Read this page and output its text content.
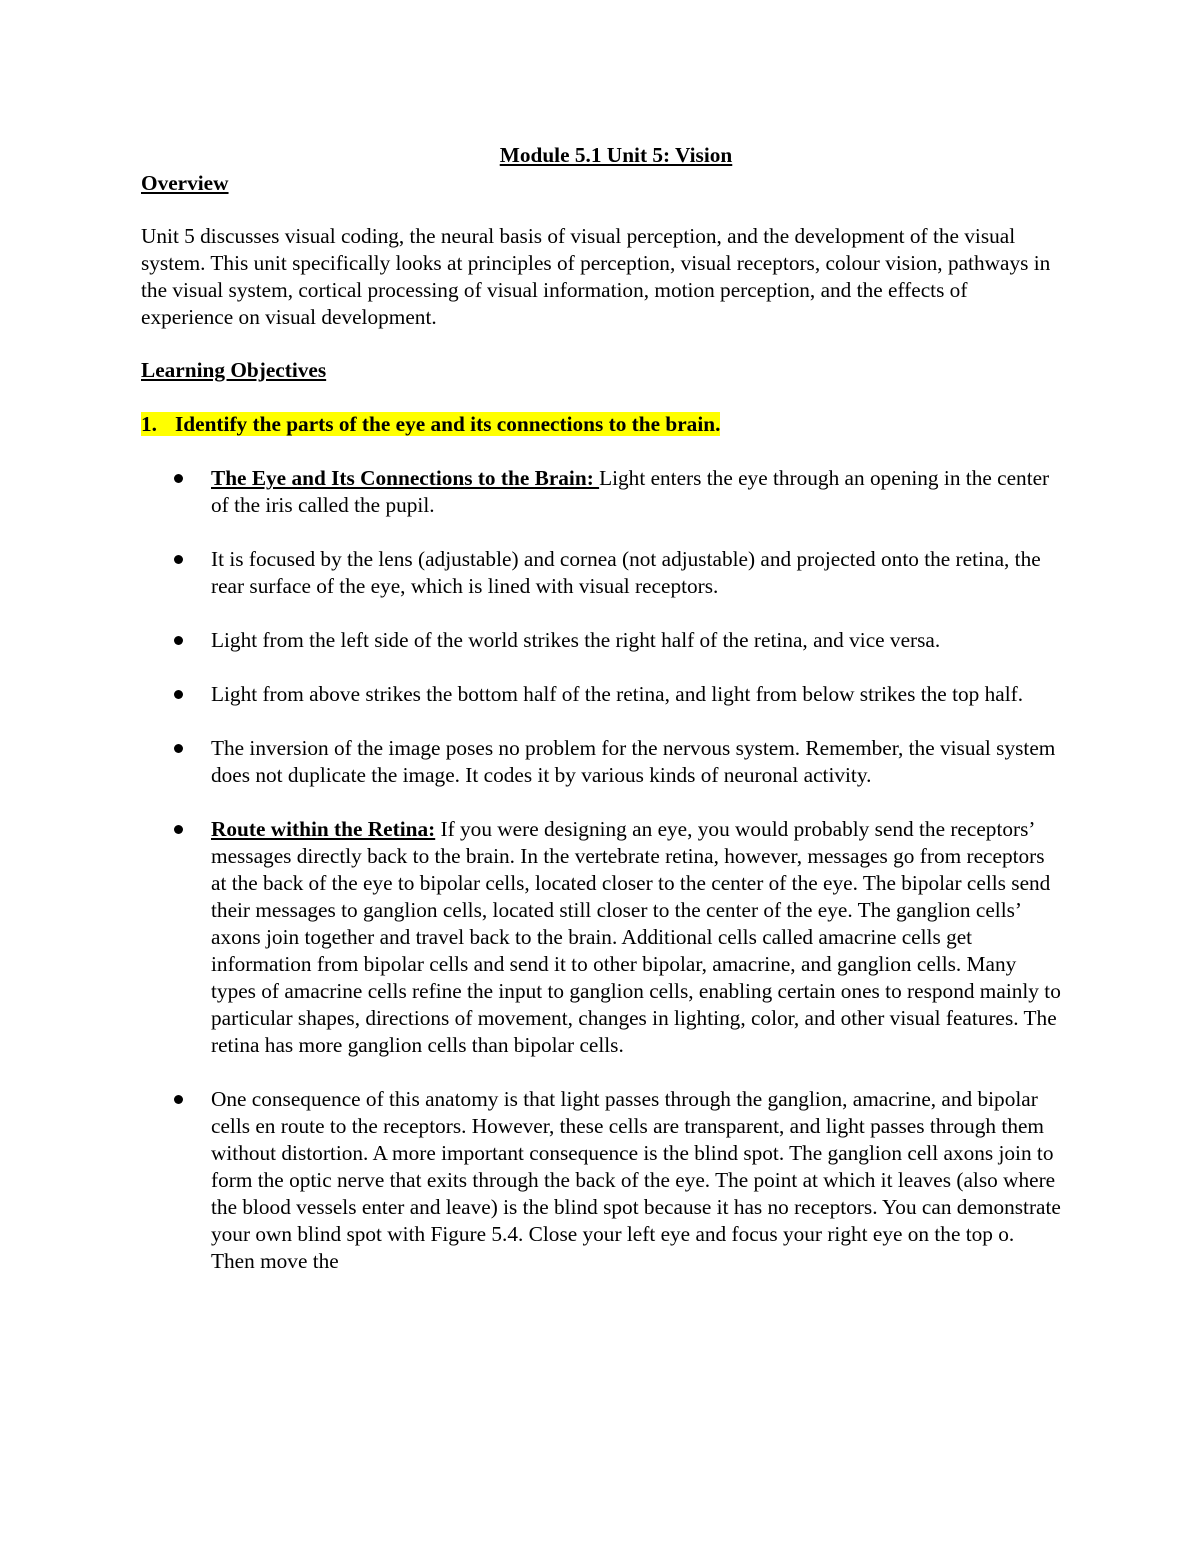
Module 5.1 Unit 5: Vision

Overview

Unit 5 discusses visual coding, the neural basis of visual perception, and the development of the visual system. This unit specifically looks at principles of perception, visual receptors, colour vision, pathways in the visual system, cortical processing of visual information, motion perception, and the effects of experience on visual development.

Learning Objectives

1. Identify the parts of the eye and its connections to the brain.

The Eye and Its Connections to the Brain: Light enters the eye through an opening in the center of the iris called the pupil.
It is focused by the lens (adjustable) and cornea (not adjustable) and projected onto the retina, the rear surface of the eye, which is lined with visual receptors.
Light from the left side of the world strikes the right half of the retina, and vice versa.
Light from above strikes the bottom half of the retina, and light from below strikes the top half.
The inversion of the image poses no problem for the nervous system. Remember, the visual system does not duplicate the image. It codes it by various kinds of neuronal activity.
Route within the Retina: If you were designing an eye, you would probably send the receptors’ messages directly back to the brain. In the vertebrate retina, however, messages go from receptors at the back of the eye to bipolar cells, located closer to the center of the eye. The bipolar cells send their messages to ganglion cells, located still closer to the center of the eye. The ganglion cells’ axons join together and travel back to the brain. Additional cells called amacrine cells get information from bipolar cells and send it to other bipolar, amacrine, and ganglion cells. Many types of amacrine cells refine the input to ganglion cells, enabling certain ones to respond mainly to particular shapes, directions of movement, changes in lighting, color, and other visual features. The retina has more ganglion cells than bipolar cells.
One consequence of this anatomy is that light passes through the ganglion, amacrine, and bipolar cells en route to the receptors. However, these cells are transparent, and light passes through them without distortion. A more important consequence is the blind spot. The ganglion cell axons join to form the optic nerve that exits through the back of the eye. The point at which it leaves (also where the blood vessels enter and leave) is the blind spot because it has no receptors. You can demonstrate your own blind spot with Figure 5.4. Close your left eye and focus your right eye on the top o. Then move the
